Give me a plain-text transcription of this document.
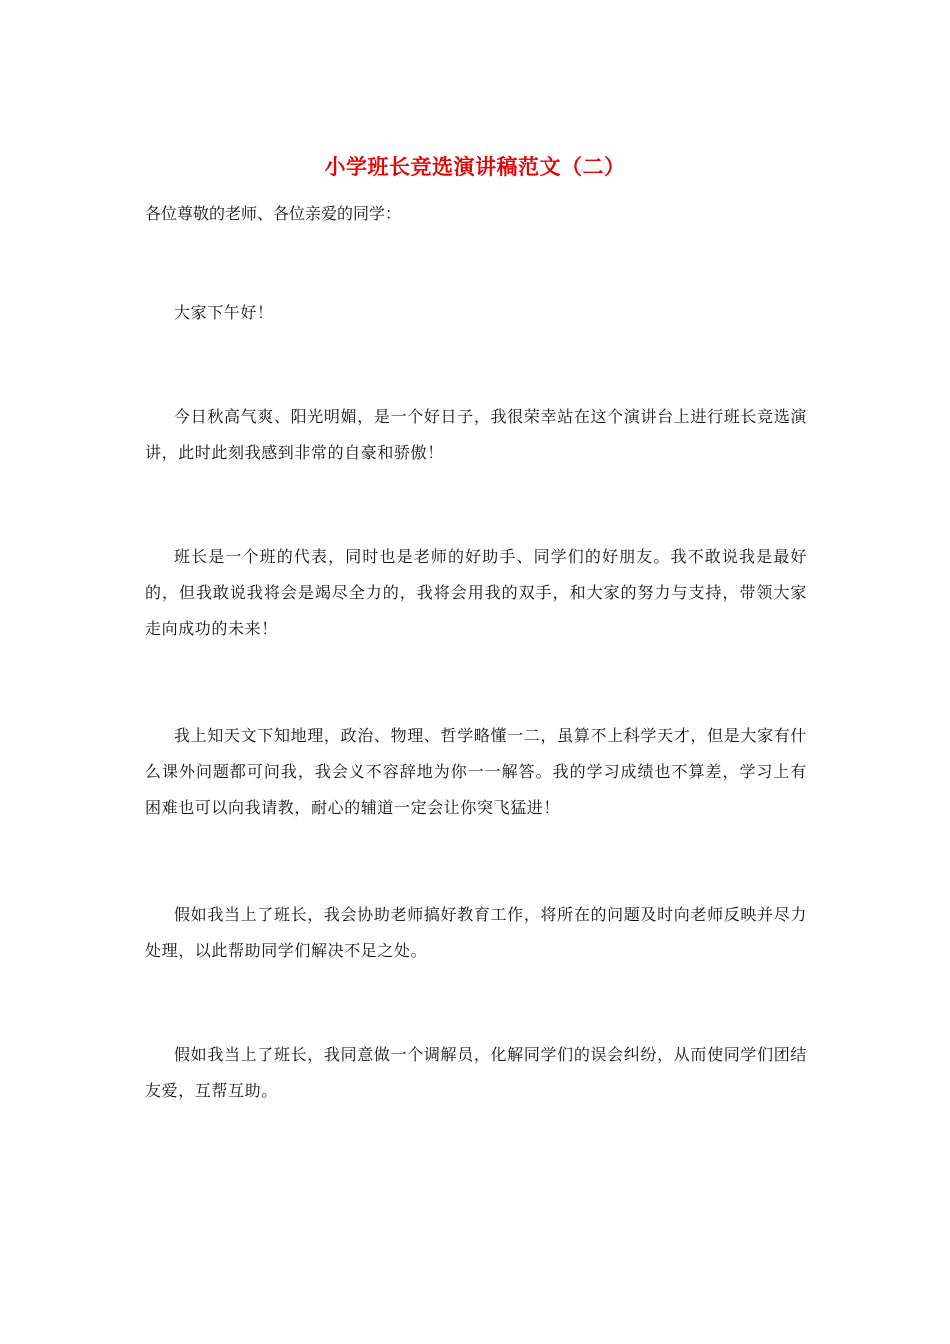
小学班长竞选演讲稿范文（二）
各位尊敬的老师、各位亲爱的同学：
大家下午好！
今日秋高气爽、阳光明媚，是一个好日子，我很荣幸站在这个演讲台上进行班长竞选演讲，此时此刻我感到非常的自豪和骄傲！
班长是一个班的代表，同时也是老师的好助手、同学们的好朋友。我不敢说我是最好的，但我敢说我将会是竭尽全力的，我将会用我的双手，和大家的努力与支持，带领大家走向成功的未来！
我上知天文下知地理，政治、物理、哲学略懂一二，虽算不上科学天才，但是大家有什么课外问题都可问我，我会义不容辞地为你一一解答。我的学习成绩也不算差，学习上有困难也可以向我请教，耐心的辅道一定会让你突飞猛进！
假如我当上了班长，我会协助老师搞好教育工作，将所在的问题及时向老师反映并尽力处理，以此帮助同学们解决不足之处。
假如我当上了班长，我同意做一个调解员，化解同学们的误会纠纷，从而使同学们团结友爱，互帮互助。
